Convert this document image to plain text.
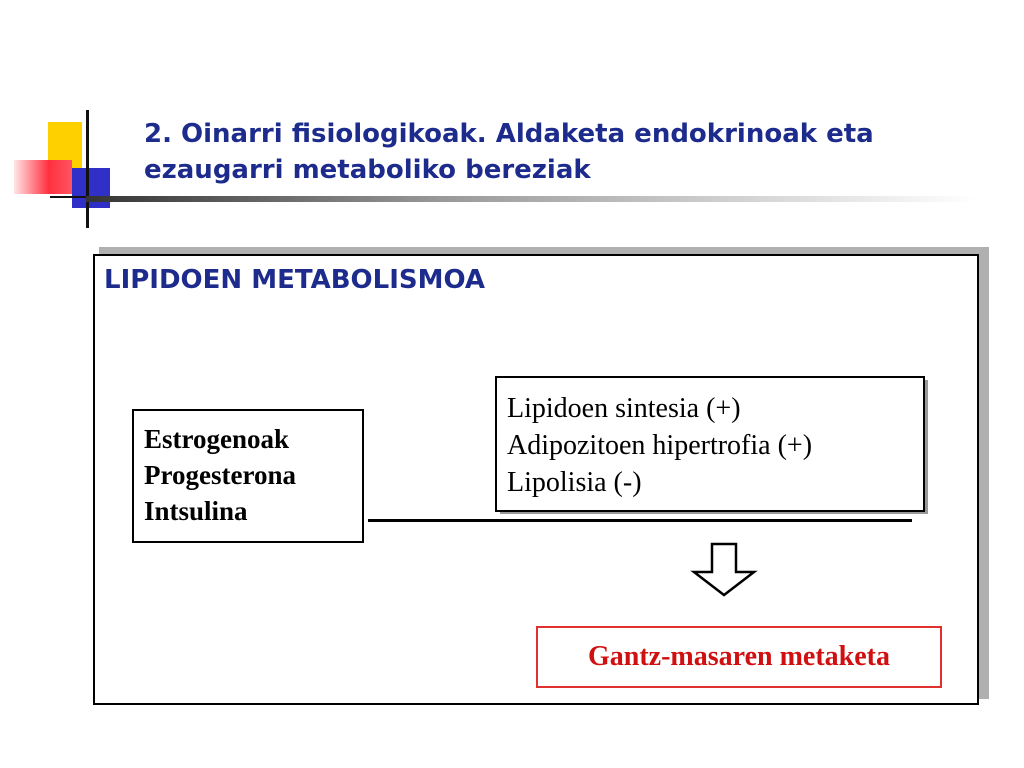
2. Oinarri fisiologikoak. Aldaketa endokrinoak eta
ezaugarri metaboliko bereziak
LIPIDOEN METABOLISMOA
Estrogenoak
Progesterona
Intsulina
Lipidoen sintesia (+)
Adipozitoen hipertrofia (+)
Lipolisia (-)
Gantz-masaren metaketa
